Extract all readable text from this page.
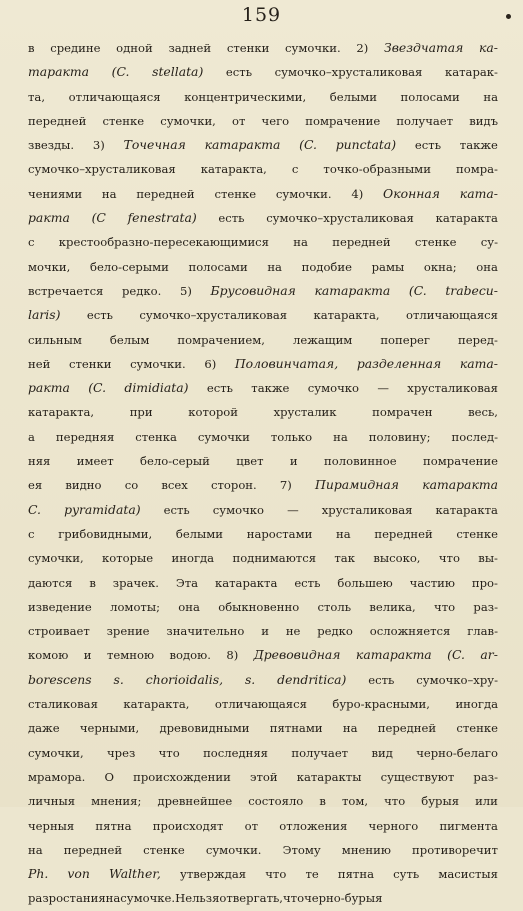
159
в средине одной задней стенки сумочки. 2) Звездчатая ка-
таракта (C. stellata) есть сумочко–хрусталиковая катарак-
та, отличающаяся концентрическими, белыми полосами на
передней стенке сумочки, от чего помрачение получает видъ
звезды. 3) Точечная катаракта (C. punctata) есть также
сумочко–хрусталиковая катаракта, с точко-образными помра-
чениями на передней стенке сумочки. 4) Оконная ката-
ракта (C fenestrata) есть сумочко–хрусталиковая катаракта
с крестообразно-пересекающимися на передней стенке су-
мочки, бело-серыми полосами на подобие рамы окна; она
встречается редко. 5) Брусовидная катаракта (C. trabecu-
laris) есть сумочко–хрусталиковая катаракта, отличающаяся
сильным белым помрачением, лежащим поперег перед-
ней стенки сумочки. 6) Половинчатая, разделенная ката-
ракта (C. dimidiata) есть также сумочко — хрусталиковая
катаракта,	при	которой	хрусталик	помрачен	весь,
а передняя стенка сумочки только на половину; послед-
няя имеет бело-серый цвет и половинное помрачение
ея видно со всех сторон. 7) Пирамидная катаракта
C. pyramidata) есть сумочко — хрусталиковая катаракта
с грибовидными, белыми наростами на передней стенке
сумочки, которые иногда поднимаются так высоко, что вы-
даются в зрачек. Эта катаракта есть большею частию про-
изведение ломоты; она обыкновенно столь велика, что раз-
строивает зрение значительно и не редко осложняется глав-
комою и темною водою. 8) Древовидная катаракта (C. ar-
borescens s. chorioidalis, s. dendritica) есть сумочко–хру-
сталиковая катаракта, отличающаяся буро-красными, иногда
даже черными, древовидными пятнами на передней стенке
сумочки, чрез что последняя получает вид черно-белаго
мрамора. О происхождении этой катаракты существуют раз-
личныя мнения; древнейшее состояло в том, что бурыя или
черныя пятна происходят от отложения черного пигмента
на передней стенке сумочки. Этому мнению противоречит
Ph. von Walther, утверждая что те пятна суть масистыя
разростания на сумочке. Не льзя отвергать, что черно-бурыя
